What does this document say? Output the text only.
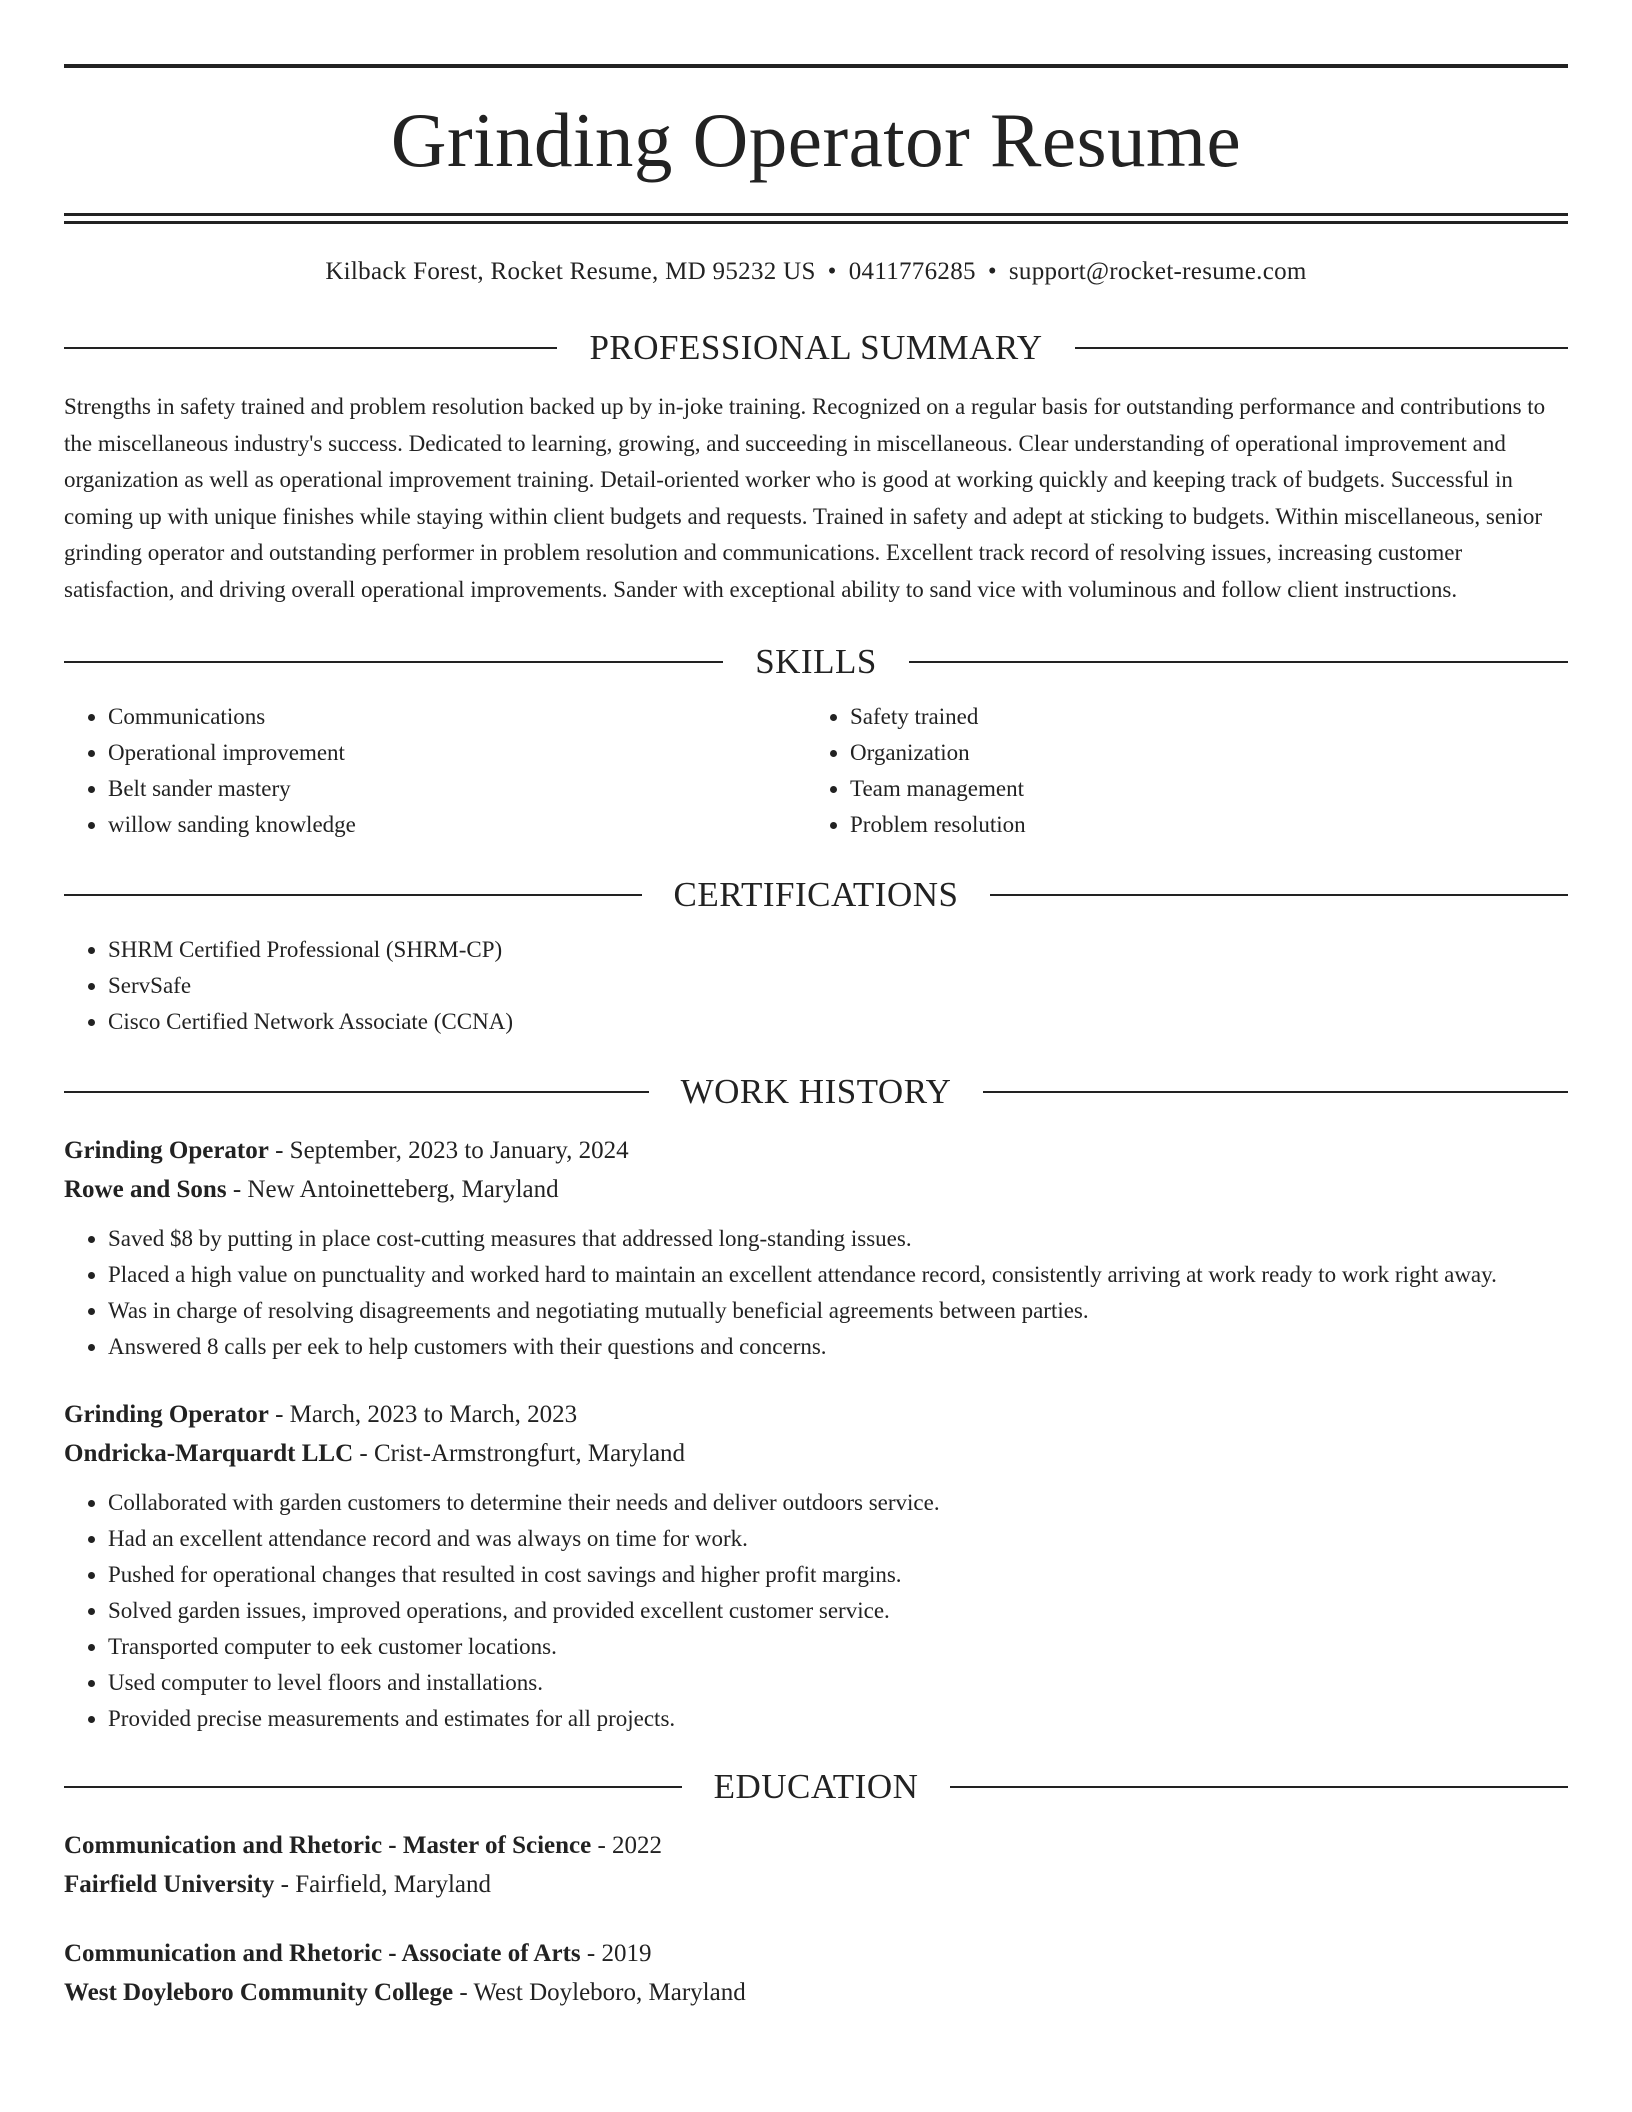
Grinding Operator Resume
Kilback Forest, Rocket Resume, MD 95232 US • 0411776285 • support@rocket-resume.com
PROFESSIONAL SUMMARY
Strengths in safety trained and problem resolution backed up by in-joke training. Recognized on a regular basis for outstanding performance and contributions to the miscellaneous industry's success. Dedicated to learning, growing, and succeeding in miscellaneous. Clear understanding of operational improvement and organization as well as operational improvement training. Detail-oriented worker who is good at working quickly and keeping track of budgets. Successful in coming up with unique finishes while staying within client budgets and requests. Trained in safety and adept at sticking to budgets. Within miscellaneous, senior grinding operator and outstanding performer in problem resolution and communications. Excellent track record of resolving issues, increasing customer satisfaction, and driving overall operational improvements. Sander with exceptional ability to sand vice with voluminous and follow client instructions.
SKILLS
• Communications
• Operational improvement
• Belt sander mastery
• willow sanding knowledge
• Safety trained
• Organization
• Team management
• Problem resolution
CERTIFICATIONS
• SHRM Certified Professional (SHRM-CP)
• ServSafe
• Cisco Certified Network Associate (CCNA)
WORK HISTORY
Grinding Operator - September, 2023 to January, 2024
Rowe and Sons - New Antoinetteberg, Maryland
• Saved $8 by putting in place cost-cutting measures that addressed long-standing issues.
• Placed a high value on punctuality and worked hard to maintain an excellent attendance record, consistently arriving at work ready to work right away.
• Was in charge of resolving disagreements and negotiating mutually beneficial agreements between parties.
• Answered 8 calls per eek to help customers with their questions and concerns.
Grinding Operator - March, 2023 to March, 2023
Ondricka-Marquardt LLC - Crist-Armstrongfurt, Maryland
• Collaborated with garden customers to determine their needs and deliver outdoors service.
• Had an excellent attendance record and was always on time for work.
• Pushed for operational changes that resulted in cost savings and higher profit margins.
• Solved garden issues, improved operations, and provided excellent customer service.
• Transported computer to eek customer locations.
• Used computer to level floors and installations.
• Provided precise measurements and estimates for all projects.
EDUCATION
Communication and Rhetoric - Master of Science - 2022
Fairfield University - Fairfield, Maryland
Communication and Rhetoric - Associate of Arts - 2019
West Doyleboro Community College - West Doyleboro, Maryland
